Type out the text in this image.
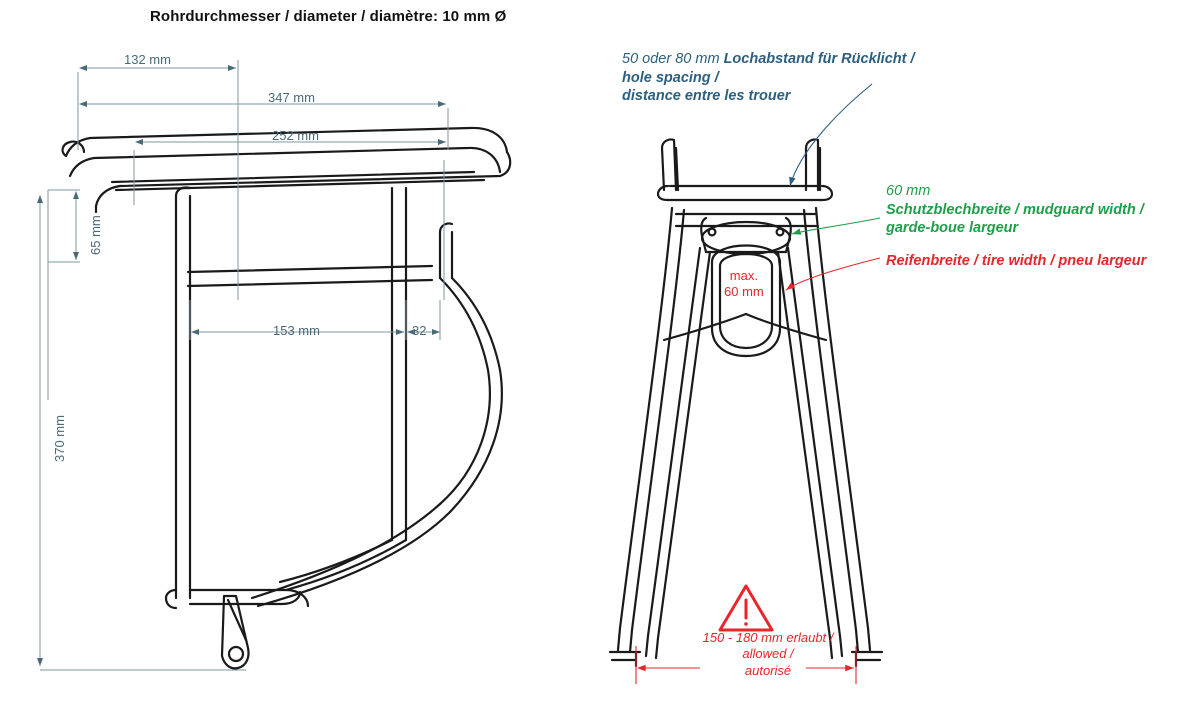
Rohrdurchmesser / diameter / diamètre: 10 mm Ø
132 mm
347 mm
252 mm
65 mm
153 mm	32
370 mm
50 oder 80 mm Lochabstand für Rücklicht /
hole spacing /
distance entre les trouer
60 mm
Schutzblechbreite / mudguard width /
garde-boue largeur
Reifenbreite / tire width / pneu largeur
max.
60 mm
150 - 180 mm erlaubt /
allowed /
autorisé
